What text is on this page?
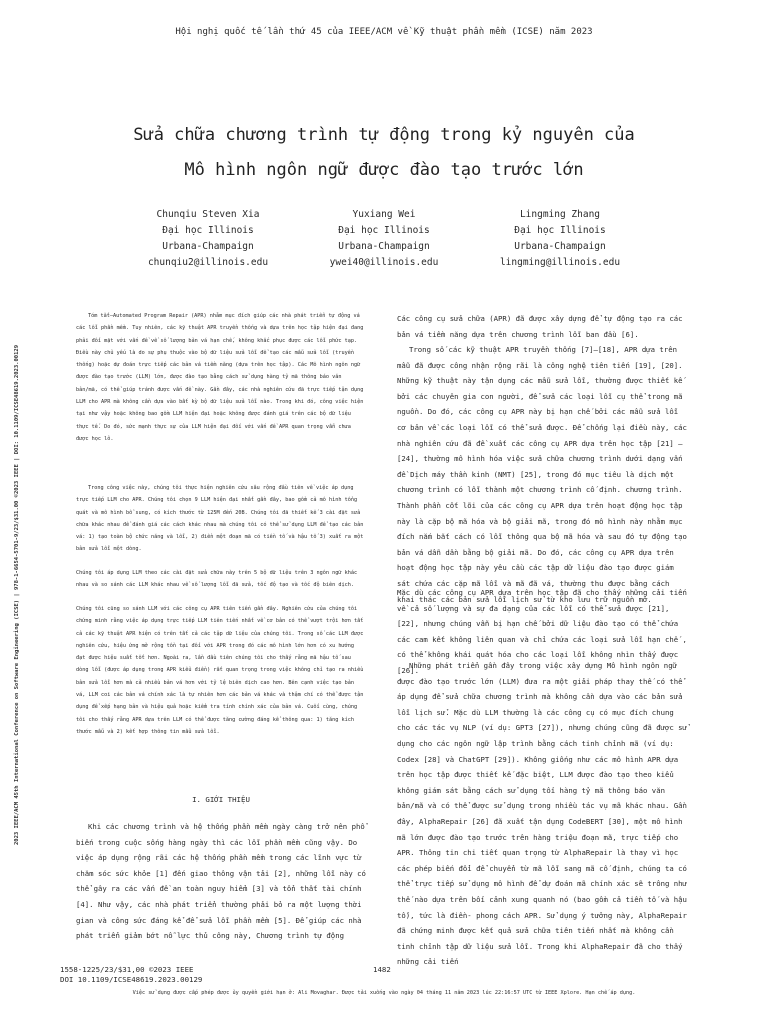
Hội nghị quốc tế lần thứ 45 của IEEE/ACM về Kỹ thuật phần mềm (ICSE) năm 2023
Sửa chữa chương trình tự động trong kỷ nguyên của
Mô hình ngôn ngữ được đào tạo trước lớn
Chunqiu Steven Xia
Đại học Illinois
Urbana-Champaign
chunqiu2@illinois.edu
Yuxiang Wei
Đại học Illinois
Urbana-Champaign
ywei40@illinois.edu
Lingming Zhang
Đại học Illinois
Urbana-Champaign
lingming@illinois.edu

Tóm tắt—Automated Program Repair (APR) nhằm mục đích giúp các nhà phát triển tự động vá các lỗi phần mềm. Tuy nhiên, các kỹ thuật APR truyền thống và dựa trên học tập hiện đại đang phải đối mặt với vấn đề về số lượng bản vá hạn chế, không khắc phục được các lỗi phức tạp. Điều này chủ yếu là do sự phụ thuộc vào bộ dữ liệu sửa lỗi để tạo các mẫu sửa lỗi (truyền thống) hoặc dự đoán trực tiếp các bản vá tiềm năng (dựa trên học tập). Các Mô hình ngôn ngữ được đào tạo trước (LLM) lớn, được đào tạo bằng cách sử dụng hàng tỷ mã thông báo văn bản/mã, có thể giúp tránh được vấn đề này. Gần đây, các nhà nghiên cứu đã trực tiếp tận dụng LLM cho APR mà không cần dựa vào bất kỳ bộ dữ liệu sửa lỗi nào. Trong khi đó, công việc hiện tại như vậy hoặc không bao gồm LLM hiện đại hoặc không được đánh giá trên các bộ dữ liệu thực tế. Do đó, sức mạnh thực sự của LLM hiện đại đối với vấn đề APR quan trọng vẫn chưa được học lỏ.

Trong công việc này, chúng tôi thực hiện nghiên cứu sâu rộng đầu tiên về việc áp dụng trực tiếp LLM cho APR. Chúng tôi chọn 9 LLM hiện đại nhất gần đây, bao gồm cả mô hình tổng quát và mô hình bổ sung, có kích thước từ 125M đến 20B. Chúng tôi đã thiết kế 3 cài đặt sửa chữa khác nhau để đánh giá các cách khác nhau mà chúng tôi có thể sử dụng LLM để tạo các bản vá: 1) tạo toàn bộ chức năng và lỗi, 2) điền một đoạn mã có tiền tố và hậu tố 3) xuất ra một bản sửa lỗi một dòng.

Chúng tôi áp dụng LLM theo các cài đặt sửa chữa này trên 5 bộ dữ liệu trên 3 ngôn ngữ khác nhau và so sánh các LLM khác nhau về số lượng lỗi đã sửa, tốc độ tạo và tốc độ biên dịch.

Chúng tôi cũng so sánh LLM với các công cụ APR tiên tiến gần đây. Nghiên cứu của chúng tôi chứng minh rằng việc áp dụng trực tiếp LLM tiên tiến nhất về cơ bản có thể vượt trội hơn tất cả các kỹ thuật APR hiện có trên tất cả các tập dữ liệu của chúng tôi. Trong số các LLM được nghiên cứu, hiệu ứng mở rộng tồn tại đối với APR trong đó các mô hình lớn hơn có xu hướng đạt được hiệu suất tốt hơn. Ngoài ra, lần đầu tiên chúng tôi cho thấy rằng mã hậu tố sau dòng lỗi (được áp dụng trong APR kiểu điền) rất quan trọng trong việc không chỉ tạo ra nhiều bản sửa lỗi hơn mà cả nhiều bản vá hơn với tỷ lệ biên dịch cao hơn. Bên cạnh việc tạo bản vá, LLM coi các bản vá chính xác là tự nhiên hơn các bản vá khác và thậm chí có thể được tận dụng để xếp hạng bản và hiệu quả hoặc kiểm tra tính chính xác của bản vá. Cuối cùng, chúng tôi cho thấy rằng APR dựa trên LLM có thể được tăng cường đáng kể thông qua: 1) tăng kích thước mẫu và 2) kết hợp thông tin mẫu sửa lỗi.

I. GIỚI THIỆU

Khi các chương trình và hệ thống phần mềm ngày càng trở nên phổ biến trong cuộc sống hàng ngày thì các lỗi phần mềm cũng vậy. Do việc áp dụng rộng rãi các hệ thống phần mềm trong các lĩnh vực từ chăm sóc sức khỏe [1] đến giao thông vận tải [2], những lỗi này có thể gây ra các vấn đề an toàn nguy hiểm [3] và tổn thất tài chính [4]. Như vậy, các nhà phát triển thường phải bỏ ra một lượng thời gian và công sức đáng kể để sửa lỗi phần mềm [5]. Để giúp các nhà phát triển giảm bớt nỗ lực thủ công này, Chương trình tự động

Các công cụ sửa chữa (APR) đã được xây dựng để tự động tạo ra các bản vá tiềm năng dựa trên chương trình lỗi ban đầu [6].

Trong số các kỹ thuật APR truyền thống [7]–[18], APR dựa trên mẫu đã được công nhận rộng rãi là công nghệ tiên tiến [19], [20]. Những kỹ thuật này tận dụng các mẫu sửa lỗi, thường được thiết kế bởi các chuyên gia con người, để sửa các loại lỗi cụ thể trong mã nguồn. Do đó, các công cụ APR này bị hạn chế bởi các mẫu sửa lỗi cơ bản về các loại lỗi có thể sửa được. Để chống lại điều này, các nhà nghiên cứu đã đề xuất các công cụ APR dựa trên học tập [21] – [24], thường mô hình hóa việc sửa chữa chương trình dưới dạng vấn đề Dịch máy thần kinh (NMT) [25], trong đó mục tiêu là dịch một chương trình có lỗi thành một chương trình cố định. chương trình. Thành phần cốt lõi của các công cụ APR dựa trên hoạt động học tập này là cặp bộ mã hóa và bộ giải mã, trong đó mô hình này nhằm mục đích nắm bắt cách có lỗi thông qua bộ mã hóa và sau đó tự động tạo bản vá dẫn dần bằng bộ giải mã. Do đó, các công cụ APR dựa trên hoạt động học tập này yêu cầu các tập dữ liệu đào tạo được giám sát chứa các cặp mã lỗi và mã đã vá, thường thu được bằng cách khai thác các bản sửa lỗi lịch sử từ kho lưu trữ nguồn mở.

Mặc dù các công cụ APR dựa trên học tập đã cho thấy những cải tiến về cả số lượng và sự đa dạng của các lỗi có thể sửa được [21], [22], nhưng chúng vẫn bị hạn chế bởi dữ liệu đào tạo có thể chứa các cam kết không liên quan và chỉ chứa các loại sửa lỗi hạn chế , có thể không khái quát hóa cho các loại lỗi không nhìn thấy được [26].

Những phát triển gần đây trong việc xây dựng Mô hình ngôn ngữ được đào tạo trước lớn (LLM) đưa ra một giải pháp thay thế có thể áp dụng để sửa chữa chương trình mà không cần dựa vào các bản sửa lỗi lịch sử. Mặc dù LLM thường là các công cụ có mục đích chung cho các tác vụ NLP (ví dụ: GPT3 [27]), nhưng chúng cũng đã được sử dụng cho các ngôn ngữ lập trình bằng cách tinh chỉnh mã (ví dụ: Codex [28] và ChatGPT [29]). Không giống như các mô hình APR dựa trên học tập được thiết kế đặc biệt, LLM được đào tạo theo kiểu không giám sát bằng cách sử dụng tối hàng tỷ mã thông báo văn bản/mã và có thể được sử dụng trong nhiều tác vụ mã khác nhau. Gần đây, AlphaRepair [26] đã xuất tận dụng CodeBERT [30], một mô hình mã lớn được đào tạo trước trên hàng triệu đoạn mã, trực tiếp cho APR. Thông tin chi tiết quan trọng từ AlphaRepair là thay vì học các phép biến đổi để chuyển từ mã lỗi sang mã cố định, chúng ta có thể trực tiếp sử dụng mô hình để dự đoán mã chính xác sẽ trông như thế nào dựa trên bối cảnh xung quanh nó (bao gồm cả tiền tố và hậu tố), tức là điền- phong cách APR. Sử dụng ý tưởng này, AlphaRepair đã chứng minh được kết quả sửa chữa tiên tiến nhất mà không cần tinh chỉnh tập dữ liệu sửa lỗi. Trong khi AlphaRepair đã cho thấy những cải tiến

2023 IEEE/ACM 45th International Conference on Software Engineering (ICSE) | 978-1-6654-5701-9/23/$31.00 ©2023 IEEE | DOI: 10.1109/ICSE48619.2023.00129
1558-1225/23/$31,00 ©2023 IEEE
DOI 10.1109/ICSE48619.2023.00129
1482
Việc sử dụng được cấp phép được ủy quyền giới hạn ở: Ali Movaghar. Được tải xuống vào ngày 04 tháng 11 năm 2023 lúc 22:16:57 UTC từ IEEE Xplore. Hạn chế áp dụng.
